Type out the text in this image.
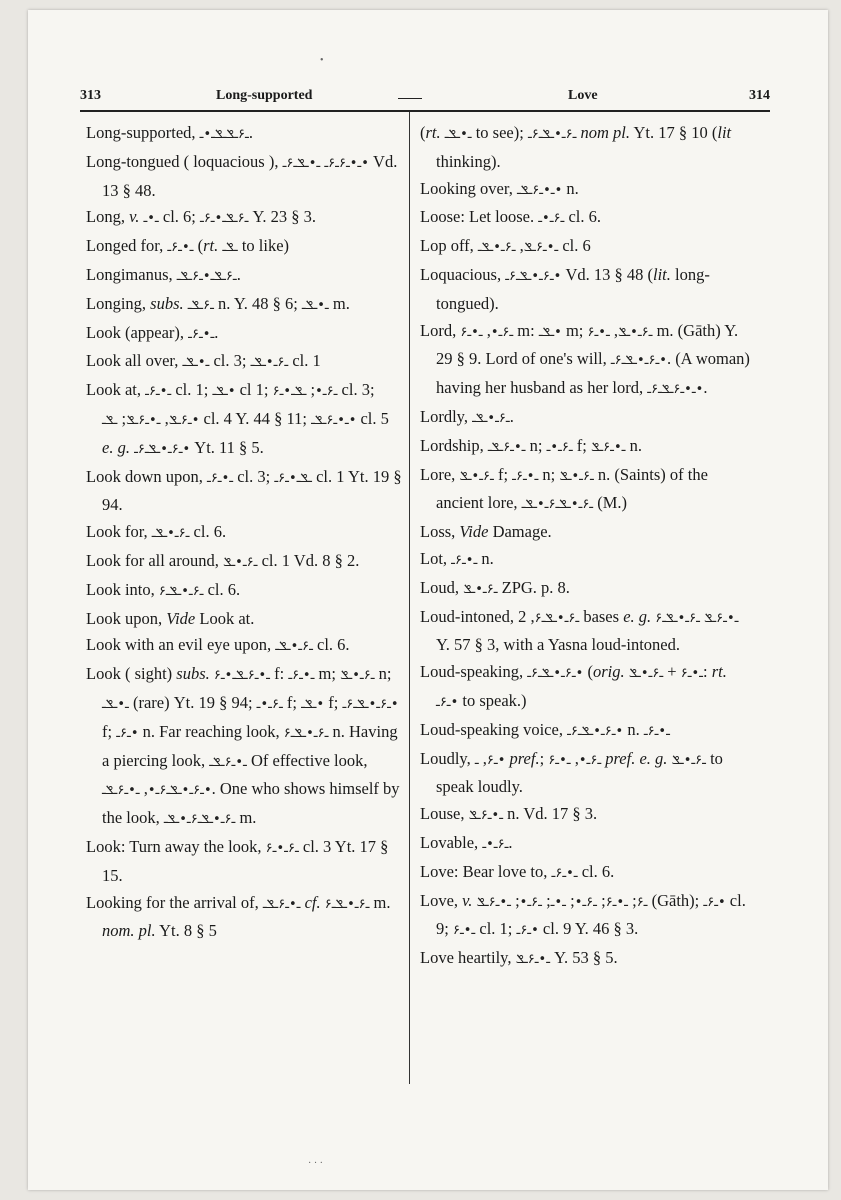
313	Long-supported	Love	314

Long-supported, ـ۶ـݏـݏـ•ـ.

Long-tongued ( loquacious ),	ـ•ـ۶ـ۶ـ ـ•ـݏـ۶ـ• Vd. 13 § 48.

Long, v. ـ•ـ cl. 6; ـ۶ـݏـ•ـ۶ـ Y. 23 § 3.

Longed for, ـ•ـ۶ـ (rt. ـݏـ to like)

Longimanus, ـ۶ـݏـ•ـ۶ـݏـ.

Longing, subs. ـ۶ـݏـ n. Y. 48 § 6; ـ•ـݏـ m.

Look (appear), ـ•ـ۶ـ.

Look all over, ـ•ـݏـ cl. 3; ـ۶ـ•ـݏـ cl. 1

Look at, ـ•ـ۶ـ cl. 1; ـݏـ• cl 1;	ـ۶ـ•; ـݏـ•ـ۶ cl. 3; ـ۶ـݏ, ـ•ـ۶ـݏ; ـݏـ• cl. 4 Y. 44 § 11; ـ•ـ۶ـݏـ• cl. 5 e. g. ـ۶ـ•ـݏـ۶ـ• Yt. 11 § 5.

Look down upon, ـ•ـ۶ـ cl. 3; ـݏـ•ـ۶ـ cl. 1 Yt. 19 § 94.

Look for, ـ۶ـ•ـݏـ cl. 6.

Look for all around, ـ۶ـ•ـݏ cl. 1 Vd. 8 § 2.

Look into, ـ۶ـ•ـݏـ۶ cl. 6.

Look upon, Vide Look at.

Look with an evil eye upon, ـ۶ـ•ـݏـ cl. 6.

Look ( sight) subs. ـ•ـ۶ـݏـ•ـ۶ f: ـ•ـ۶ـ m; ـ۶ـ•ـݏ n; ـ•ـݏـ (rare) Yt. 19 § 94; ـ۶ـ•ـ f; ـݏـ• f; ـ۶ـ•ـݏـ۶ـ• f; ـ۶ـ• n. Far reaching look, ـ۶ـ•ـݏـ۶ n. Having a piercing look, ـ•ـ۶ـݏـ Of effective look, ـ۶ـ•ـݏـ۶ـ•, ـ•ـ۶ـݏـ•. One who shows himself by the look, ـ۶ـ•ـݏـ۶ـ•ـݏـ m.

Look: Turn away the look, ـ۶ـ•ـ۶ cl. 3 Yt. 17 § 15.

Looking for the arrival of, ـ•ـ۶ـݏـ cf. ـ۶ـ•ـݏـ۶ m. nom. pl. Yt. 8 § 5

(rt. ـ•ـݏـ to see); ـ۶ـ•ـݏـ۶ـ nom pl. Yt. 17 § 10 (lit thinking).

Looking over, ـ•ـ۶ـݏـ• n.

Loose: Let loose. ـ۶ـ•ـ cl. 6.

Lop off,	ـ•ـ۶ـݏ, ـ۶ـ•ـݏـ	cl. 6

Loquacious, ـ۶ـ•ـݏـ۶ـ• Vd. 13 § 48 (lit. long-tongued).

Lord, ـ۶ـ•, ـ•ـ۶ m: ـݏـ• m; ـ۶ـ•ـݏ, ـ•ـ۶	m. (Gāth) Y. 29 § 9. Lord of one's will, ـ۶ـ•ـݏـ۶ـ•. (A woman) having her husband as her lord, ـ•ـ۶ـݏـ۶ـ•.

Lordly, ـ۶ـ•ـݏـ.

Lordship, ـ•ـ۶ـݏـ n; ـ۶ـ•ـ f; ـ•ـ۶ـݏ n.

Lore, ـ۶ـ•ـݏ f; ـ•ـ۶ـ n; ـ۶ـ•ـݏ n. (Saints) of the ancient lore, ـ۶ـ•ـݏـ۶ـ•ـݏـ (M.)

Loss, Vide Damage.

Lot, ـ•ـ۶ـ n.

Loud, ـ۶ـ•ـݏ ZPG. p. 8.

Loud-intoned, ـ۶ـ•ـݏـ۶, 2 bases e. g.	ـ•ـ۶ـݏ ـ۶ـ•ـݏـ۶ Y. 57 § 3, with a Yasna loud-intoned.

Loud-speaking, ـ۶ـ•ـݏـ۶ـ• (orig.	ـ•ـ۶ + ـ۶ـ•ـݏ : rt. ـ۶ـ• to speak.)

Loud-speaking voice, ـ۶ـ•ـݏـ۶ـ• n. ـ•ـ۶ـ

Loudly, ـ۶, ـ• pref.; ـ۶ـ•, ـ•ـ۶ pref. e. g. ـ۶ـ•ـݏ to speak loudly.

Louse, ـ•ـ۶ـݏ n. Vd. 17 § 3.

Lovable, ـ۶ـ•ـ.

Love: Bear love to, ـ•ـ۶ـ cl. 6.

Love, v.	ـ۶; ـ•ـ۶; ـ۶ـ•; ـ•ـ; ـ۶ـ•; ـ•ـ۶ـݏ	(Gāth); ـ۶ـ• cl. 9; ـ•ـ۶ cl. 1; ـ۶ـ• cl. 9 Y. 46 § 3.

Love heartily, ـ•ـ۶ـݏ Y. 53 § 5.

•
· · ·
